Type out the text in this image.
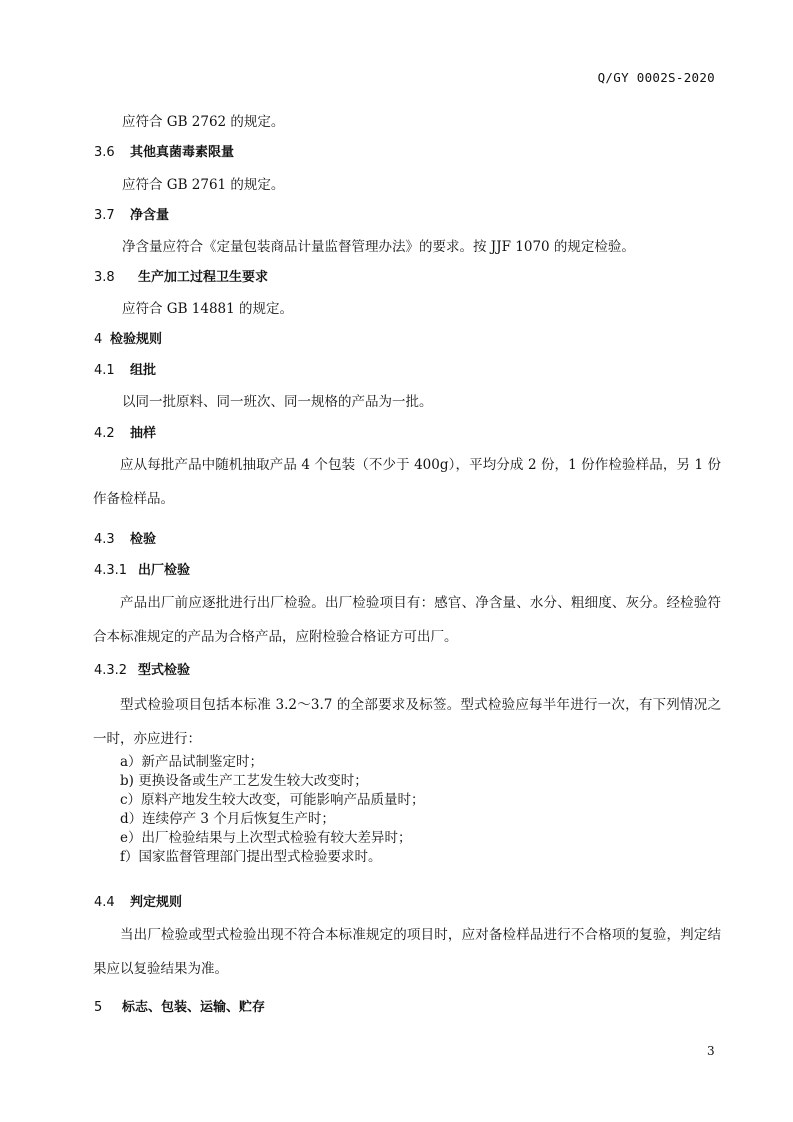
Q/GY 0002S-2020
应符合 GB 2762 的规定。
3.6 其他真菌毒素限量
应符合 GB 2761 的规定。
3.7 净含量
净含量应符合《定量包装商品计量监督管理办法》的要求。按 JJF 1070 的规定检验。
3.8 生产加工过程卫生要求
应符合 GB 14881 的规定。
4 检验规则
4.1 组批
以同一批原料、同一班次、同一规格的产品为一批。
4.2 抽样
应从每批产品中随机抽取产品 4 个包装（不少于 400g），平均分成 2 份，1 份作检验样品，另 1 份作备检样品。
4.3 检验
4.3.1 出厂检验
产品出厂前应逐批进行出厂检验。出厂检验项目有：感官、净含量、水分、粗细度、灰分。经检验符合本标准规定的产品为合格产品，应附检验合格证方可出厂。
4.3.2 型式检验
型式检验项目包括本标准 3.2～3.7 的全部要求及标签。型式检验应每半年进行一次，有下列情况之一时，亦应进行：
a）新产品试制鉴定时；
b) 更换设备或生产工艺发生较大改变时；
c）原料产地发生较大改变，可能影响产品质量时；
d）连续停产 3 个月后恢复生产时；
e）出厂检验结果与上次型式检验有较大差异时；
f）国家监督管理部门提出型式检验要求时。
4.4 判定规则
当出厂检验或型式检验出现不符合本标准规定的项目时，应对备检样品进行不合格项的复验，判定结果应以复验结果为准。
5 标志、包装、运输、贮存
3
